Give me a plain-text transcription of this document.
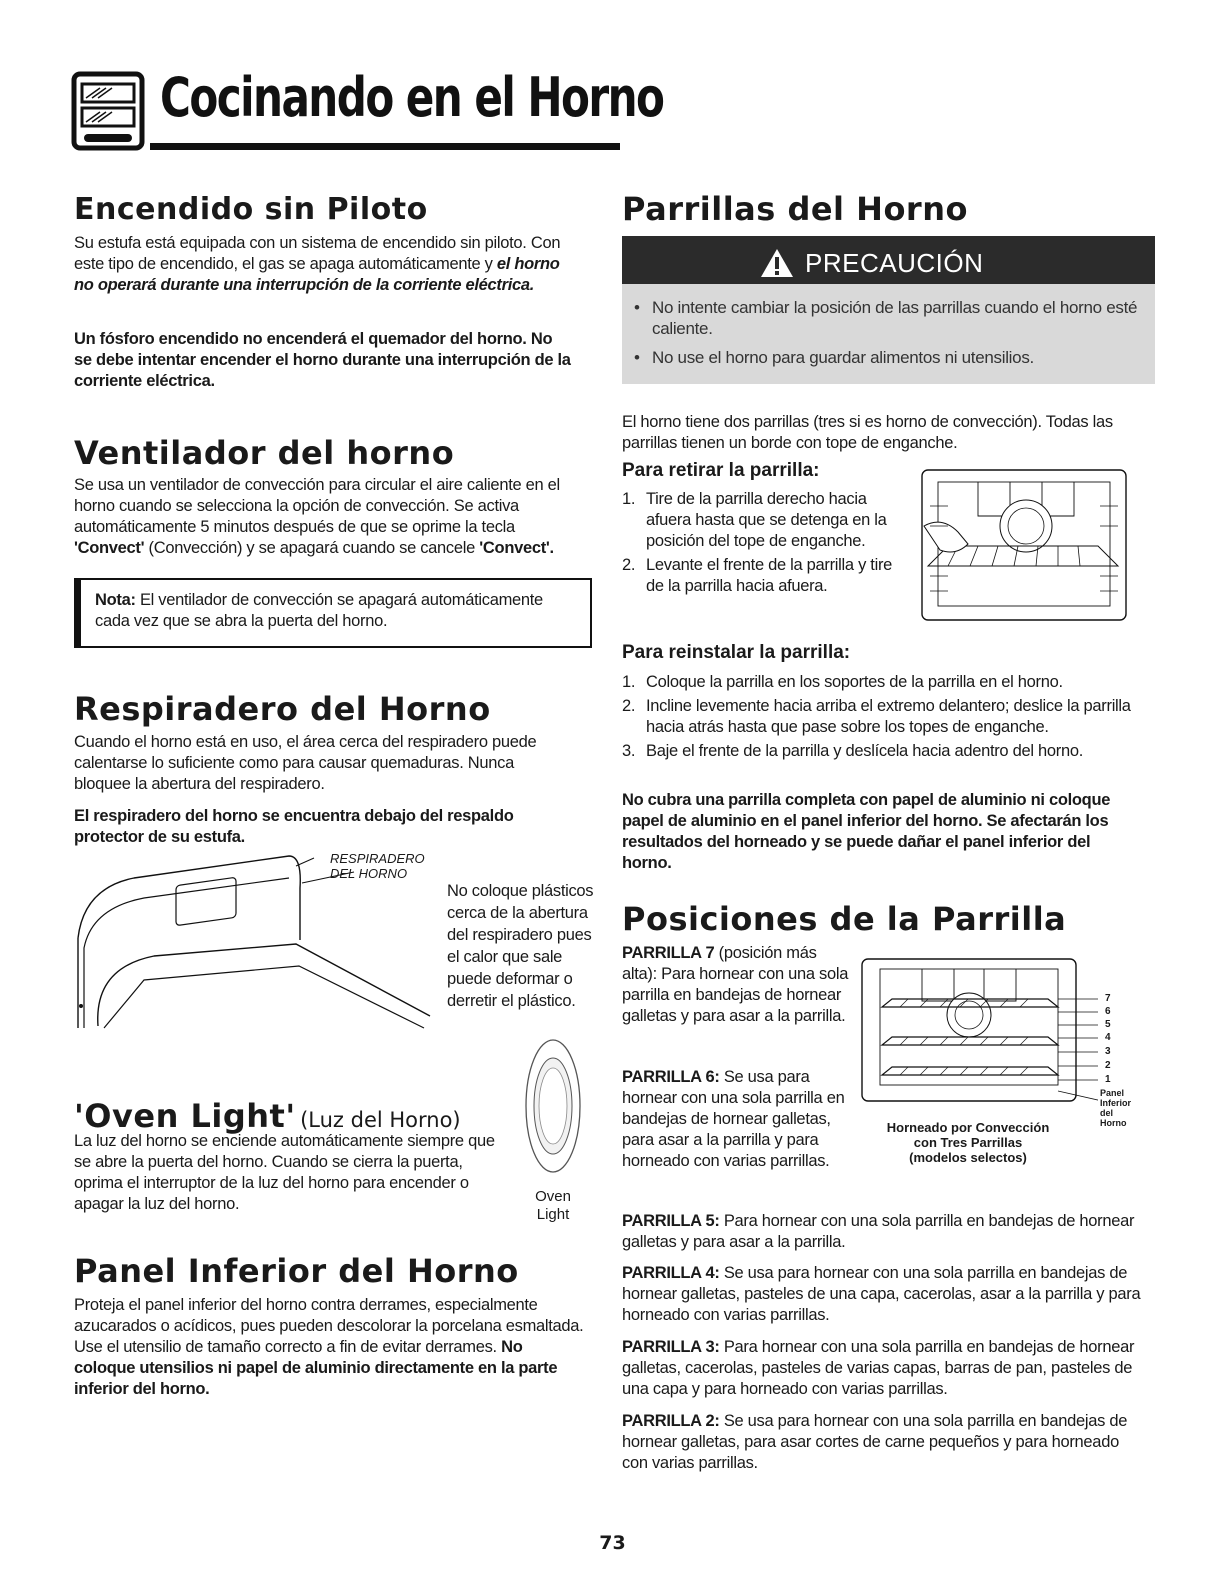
Cocinando en el Horno
Encendido sin Piloto
Su estufa está equipada con un sistema de encendido sin piloto. Con este tipo de encendido, el gas se apaga automáticamente y el horno no operará durante una interrupción de la corriente eléctrica.
Un fósforo encendido no encenderá el quemador del horno. No se debe intentar encender el horno durante una interrupción de la corriente eléctrica.
Ventilador del horno
Se usa un ventilador de convección para circular el aire caliente en el horno cuando se selecciona la opción de convección. Se activa automáticamente 5 minutos después de que se oprime la tecla 'Convect' (Convección) y se apagará cuando se cancele 'Convect'.
Nota: El ventilador de convección se apagará automáticamente cada vez que se abra la puerta del horno.
Respiradero del Horno
Cuando el horno está en uso, el área cerca del respiradero puede calentarse lo suficiente como para causar quemaduras. Nunca bloquee la abertura del respiradero.
El respiradero del horno se encuentra debajo del respaldo protector de su estufa.
RESPIRADERO
DEL HORNO
No coloque plásticos cerca de la abertura del respiradero pues el calor que sale puede deformar o derretir el plástico.
'Oven Light' (Luz del Horno)
La luz del horno se enciende automáticamente siempre que se abre la puerta del horno. Cuando se cierra la puerta, oprima el interruptor de la luz del horno para encender o apagar la luz del horno.	Oven
Light
Panel Inferior del Horno
Proteja el panel inferior del horno contra derrames, especialmente azucarados o acídicos, pues pueden descolorar la porcelana esmaltada. Use el utensilio de tamaño correcto a fin de evitar derrames. No coloque utensilios ni papel de aluminio directamente en la parte inferior del horno.
Parrillas del Horno
PRECAUCIÓN
• No intente cambiar la posición de las parrillas cuando el horno esté caliente.
• No use el horno para guardar alimentos ni utensilios.
El horno tiene dos parrillas (tres si es horno de convección). Todas las parrillas tienen un borde con tope de enganche.
Para retirar la parrilla:
1. Tire de la parrilla derecho hacia afuera hasta que se detenga en la posición del tope de enganche.
2. Levante el frente de la parrilla y tire de la parrilla hacia afuera.
Para reinstalar la parrilla:
1. Coloque la parrilla en los soportes de la parrilla en el horno.
2. Incline levemente hacia arriba el extremo delantero; deslice la parrilla hacia atrás hasta que pase sobre los topes de enganche.
3. Baje el frente de la parrilla y deslícela hacia adentro del horno.
No cubra una parrilla completa con papel de aluminio ni coloque papel de aluminio en el panel inferior del horno. Se afectarán los resultados del horneado y se puede dañar el panel inferior del horno.
Posiciones de la Parrilla
PARRILLA 7 (posición más alta): Para hornear con una sola parrilla en bandejas de hornear galletas y para asar a la parrilla.
PARRILLA 6: Se usa para hornear con una sola parrilla en bandejas de hornear galletas, para asar a la parrilla y para horneado con varias parrillas.
7
6
5
4
3
2
1
Panel
Inferior
del
Horno
Horneado por Convección
con Tres Parrillas
(modelos selectos)
PARRILLA 5: Para hornear con una sola parrilla en bandejas de hornear galletas y para asar a la parrilla.
PARRILLA 4: Se usa para hornear con una sola parrilla en bandejas de hornear galletas, pasteles de una capa, cacerolas, asar a la parrilla y para horneado con varias parrillas.
PARRILLA 3: Para hornear con una sola parrilla en bandejas de hornear galletas, cacerolas, pasteles de varias capas, barras de pan, pasteles de una capa y para horneado con varias parrillas.
PARRILLA 2: Se usa para hornear con una sola parrilla en bandejas de hornear galletas, para asar cortes de carne pequeños y para horneado con varias parrillas.
73
